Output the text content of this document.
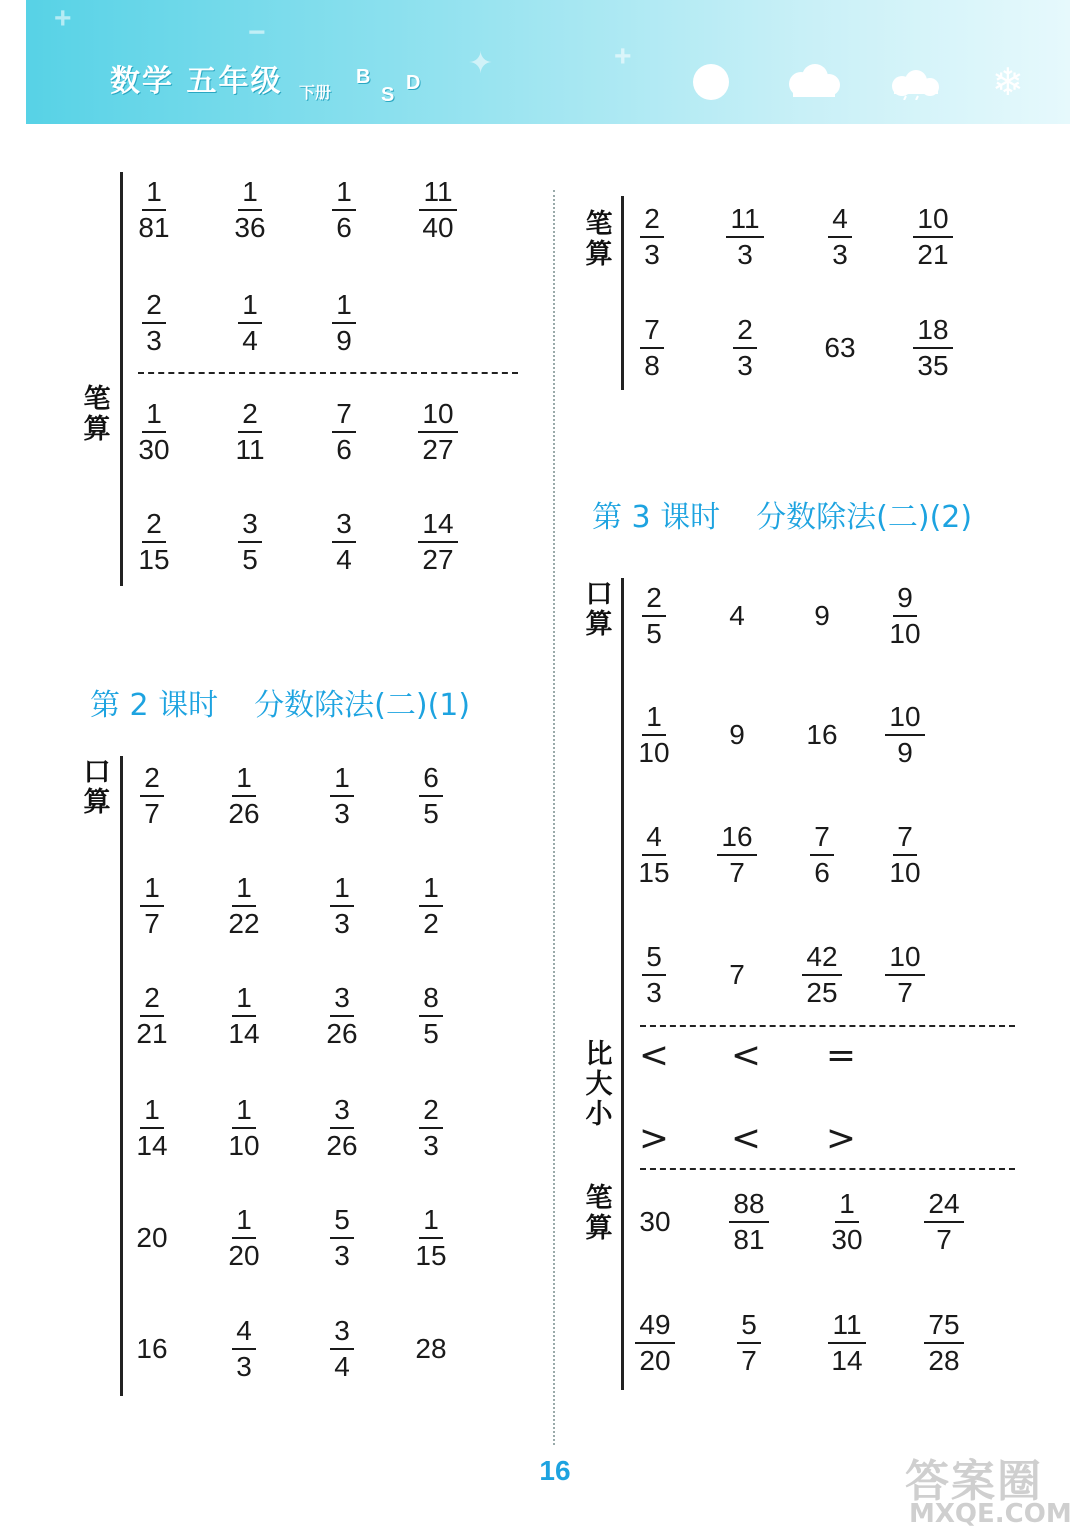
+	−
✦	+
数学 五年级 下册
B
S
D	❄
笔算
笔算
第 2 课时 分数除法(二)(1)
口算
第 3 课时 分数除法(二)(2)
口算
比大小
笔算
16	答案圈
MXQE.COM
$\frac{1}{81} \frac{1}{36} \frac{1}{6} \frac{11}{40}$
$\frac{2}{3}$	$\frac{1}{4}$	$\frac{1}{9}$
$\frac{1}{30} \frac{2}{11} \frac{7}{6} \frac{10}{27}$
$\frac{2}{15} \frac{3}{5}$	$\frac{3}{4} \frac{14}{27}$
$\frac{2}{3} \frac{11}{3} \frac{4}{3} \frac{10}{21}$
$\frac{7}{8} \frac{2}{3} 63 \frac{18}{35}$
$\frac{2}{7} \frac{1}{26} \frac{1}{3} \frac{6}{5}$
$\frac{1}{7} \frac{1}{22} \frac{1}{3} \frac{1}{2}$
$\frac{2}{21} \frac{1}{14} \frac{3}{26} \frac{8}{5}$
$\frac{1}{14} \frac{1}{10} \frac{3}{26} \frac{2}{3}$
$20 \frac{1}{20} \frac{5}{3} \frac{1}{15}$
$16 \frac{4}{3}$	$\frac{3}{4} 28$
$\frac{2}{5} 4$ $9 \frac{9}{10}$
$\frac{1}{10} 9$ $16 \frac{10}{9}$
$\frac{4}{15} \frac{16}{7} \frac{7}{6} \frac{7}{10}$
$\frac{5}{3} 7 \frac{42}{25} \frac{10}{7}$
< < =
> < >
$30 \frac{88}{81} \frac{1}{30} \frac{24}{7}$
$\frac{49}{20} \frac{5}{7} \frac{11}{14} \frac{75}{28}$
